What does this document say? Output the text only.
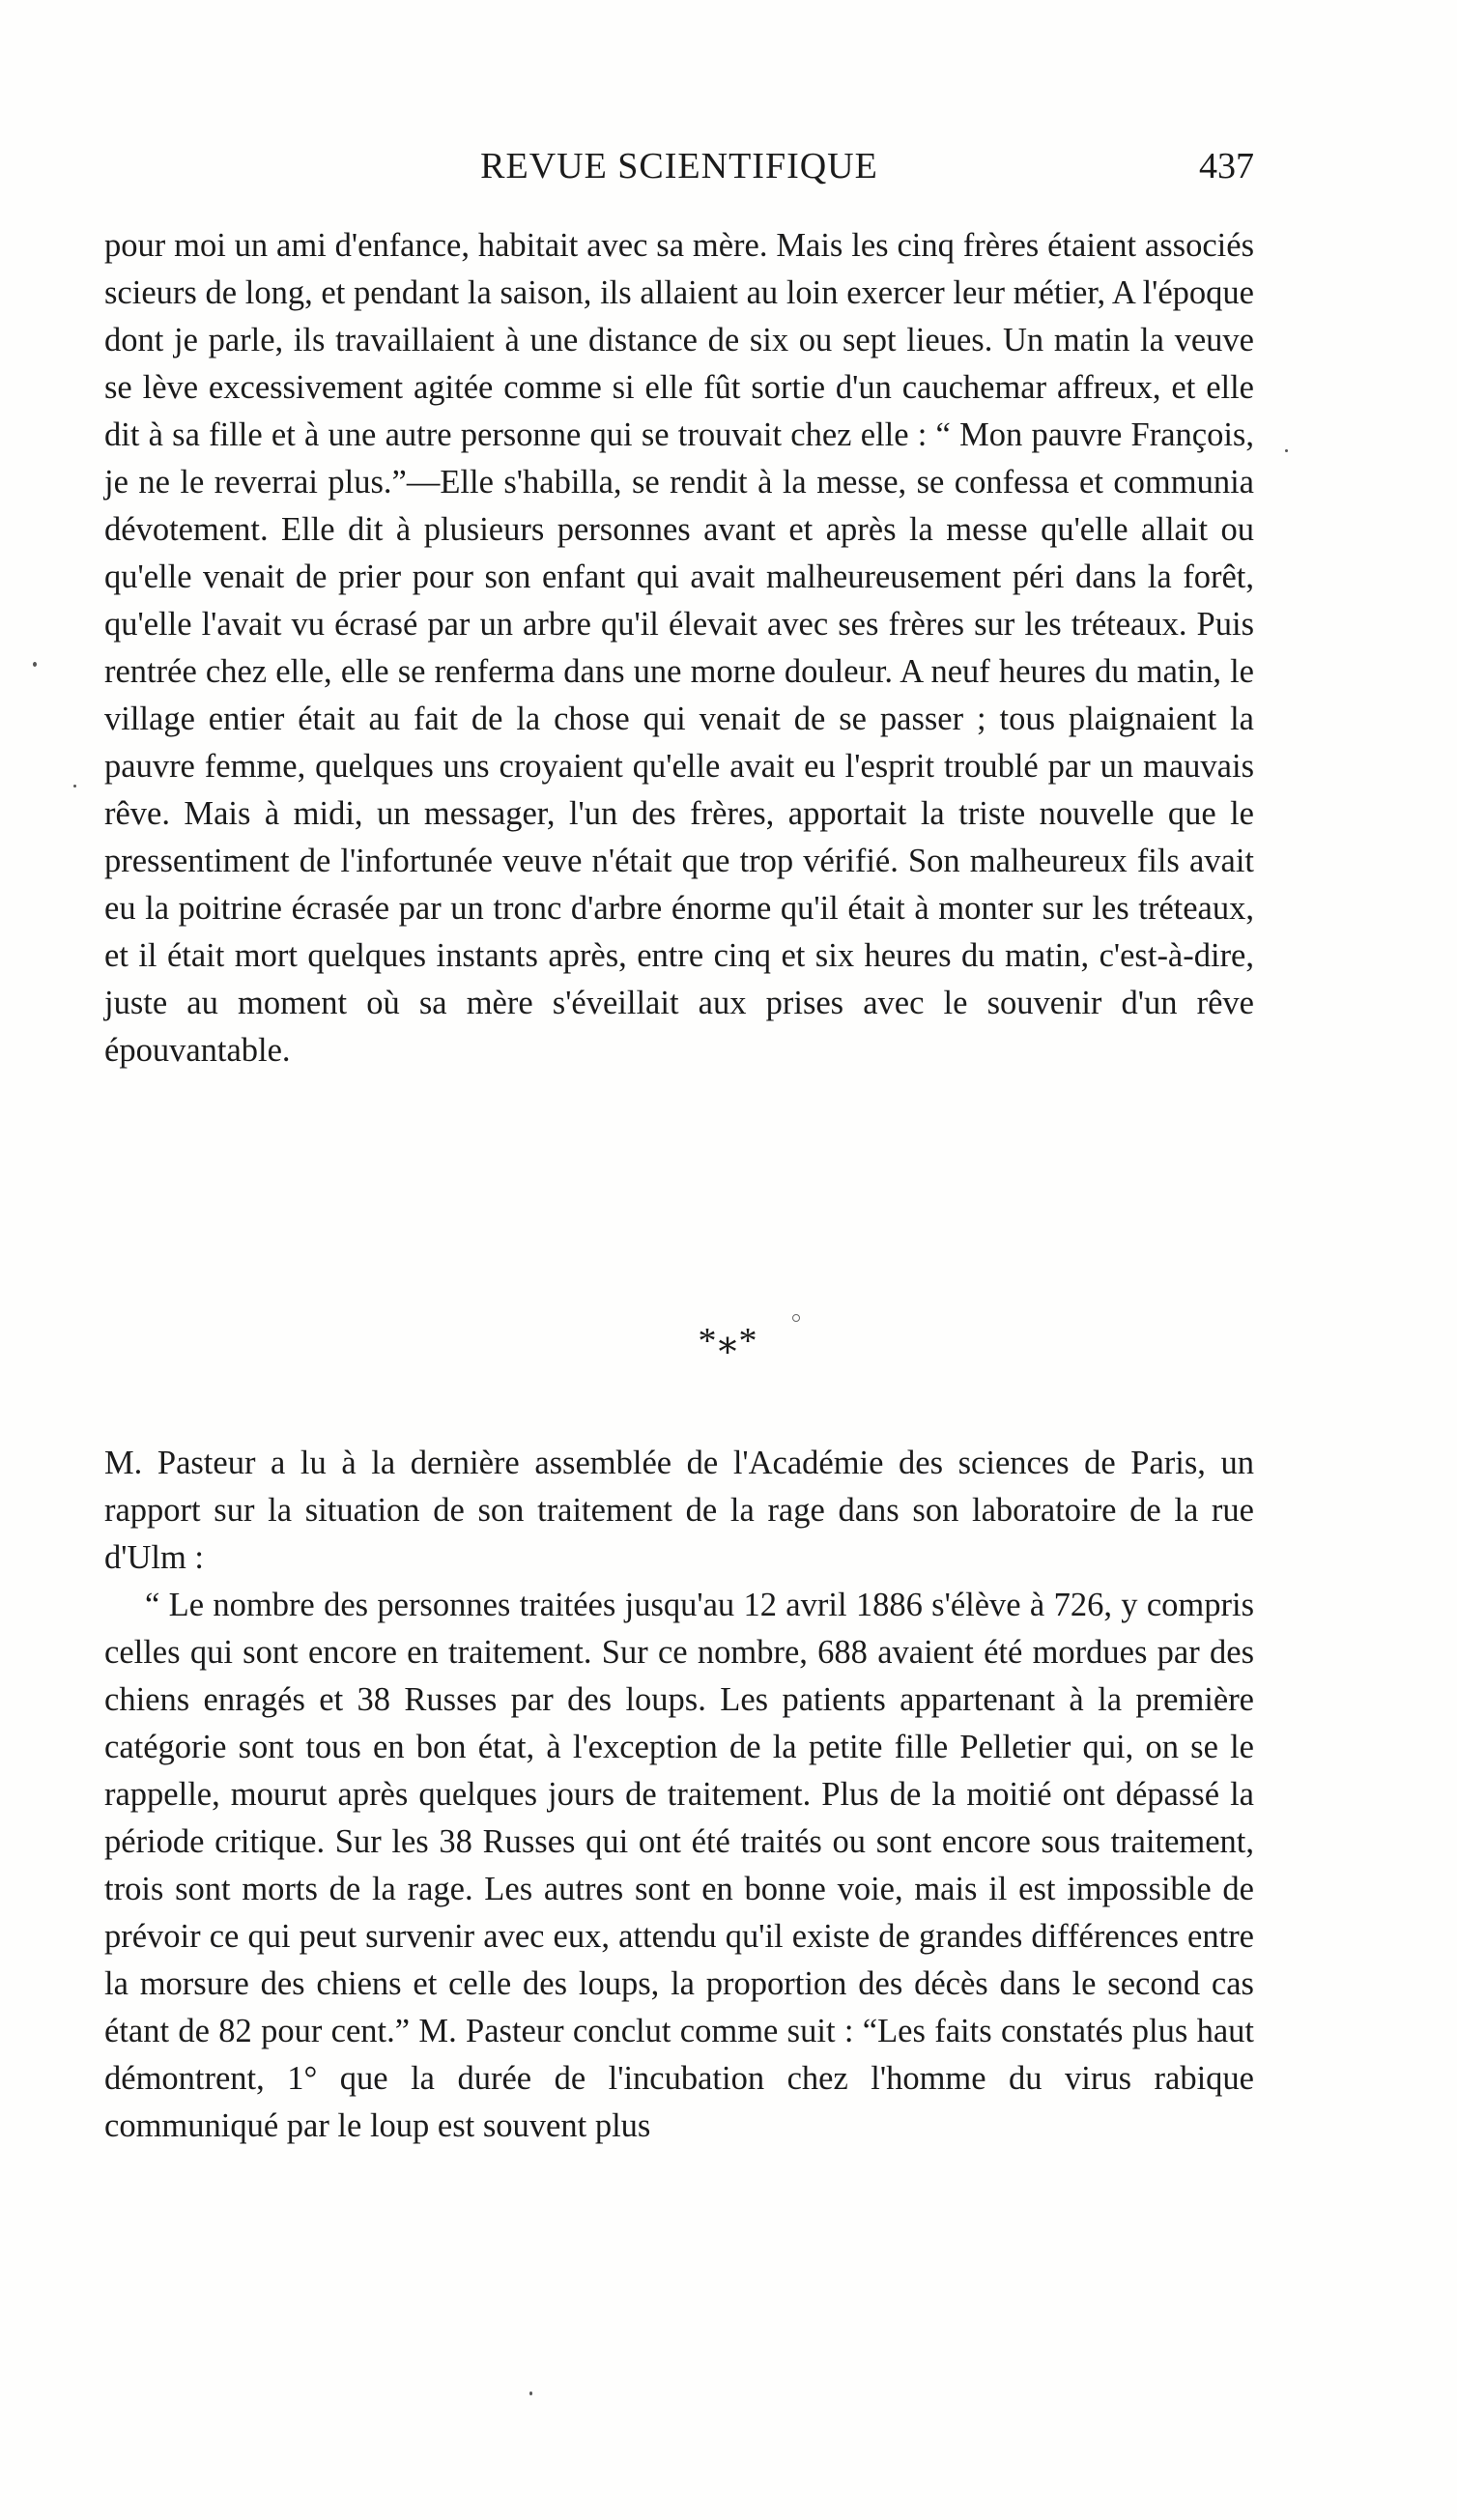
REVUE SCIENTIFIQUE	437

pour moi un ami d'enfance, habitait avec sa mère. Mais les cinq frères étaient associés scieurs de long, et pendant la saison, ils allaient au loin exercer leur métier, A l'époque dont je parle, ils travaillaient à une distance de six ou sept lieues. Un matin la veuve se lève excessivement agitée comme si elle fût sortie d'un cauchemar affreux, et elle dit à sa fille et à une autre personne qui se trouvait chez elle : “ Mon pauvre François, je ne le reverrai plus.”—Elle s'habilla, se rendit à la messe, se confessa et communia dévotement. Elle dit à plusieurs personnes avant et après la messe qu'elle allait ou qu'elle venait de prier pour son enfant qui avait malheureusement péri dans la forêt, qu'elle l'avait vu écrasé par un arbre qu'il élevait avec ses frères sur les tréteaux. Puis rentrée chez elle, elle se renferma dans une morne douleur. A neuf heures du matin, le village entier était au fait de la chose qui venait de se passer ; tous plaignaient la pauvre femme, quelques uns croyaient qu'elle avait eu l'esprit troublé par un mauvais rêve. Mais à midi, un messager, l'un des frères, apportait la triste nouvelle que le pressentiment de l'infortunée veuve n'était que trop vérifié. Son malheureux fils avait eu la poitrine écrasée par un tronc d'arbre énorme qu'il était à monter sur les tréteaux, et il était mort quelques instants après, entre cinq et six heures du matin, c'est-à-dire, juste au moment où sa mère s'éveillait aux prises avec le souvenir d'un rêve épouvantable.

*⁎*

M. Pasteur a lu à la dernière assemblée de l'Académie des sciences de Paris, un rapport sur la situation de son traitement de la rage dans son laboratoire de la rue d'Ulm :

“ Le nombre des personnes traitées jusqu'au 12 avril 1886 s'élève à 726, y compris celles qui sont encore en traitement. Sur ce nombre, 688 avaient été mordues par des chiens enragés et 38 Russes par des loups. Les patients appartenant à la première catégorie sont tous en bon état, à l'exception de la petite fille Pelletier qui, on se le rappelle, mourut après quelques jours de traitement. Plus de la moitié ont dépassé la période critique. Sur les 38 Russes qui ont été traités ou sont encore sous traitement, trois sont morts de la rage. Les autres sont en bonne voie, mais il est impossible de prévoir ce qui peut survenir avec eux, attendu qu'il existe de grandes différences entre la morsure des chiens et celle des loups, la proportion des décès dans le second cas étant de 82 pour cent.” M. Pasteur conclut comme suit : “Les faits constatés plus haut démontrent, 1° que la durée de l'incubation chez l'homme du virus rabique communiqué par le loup est souvent plus
